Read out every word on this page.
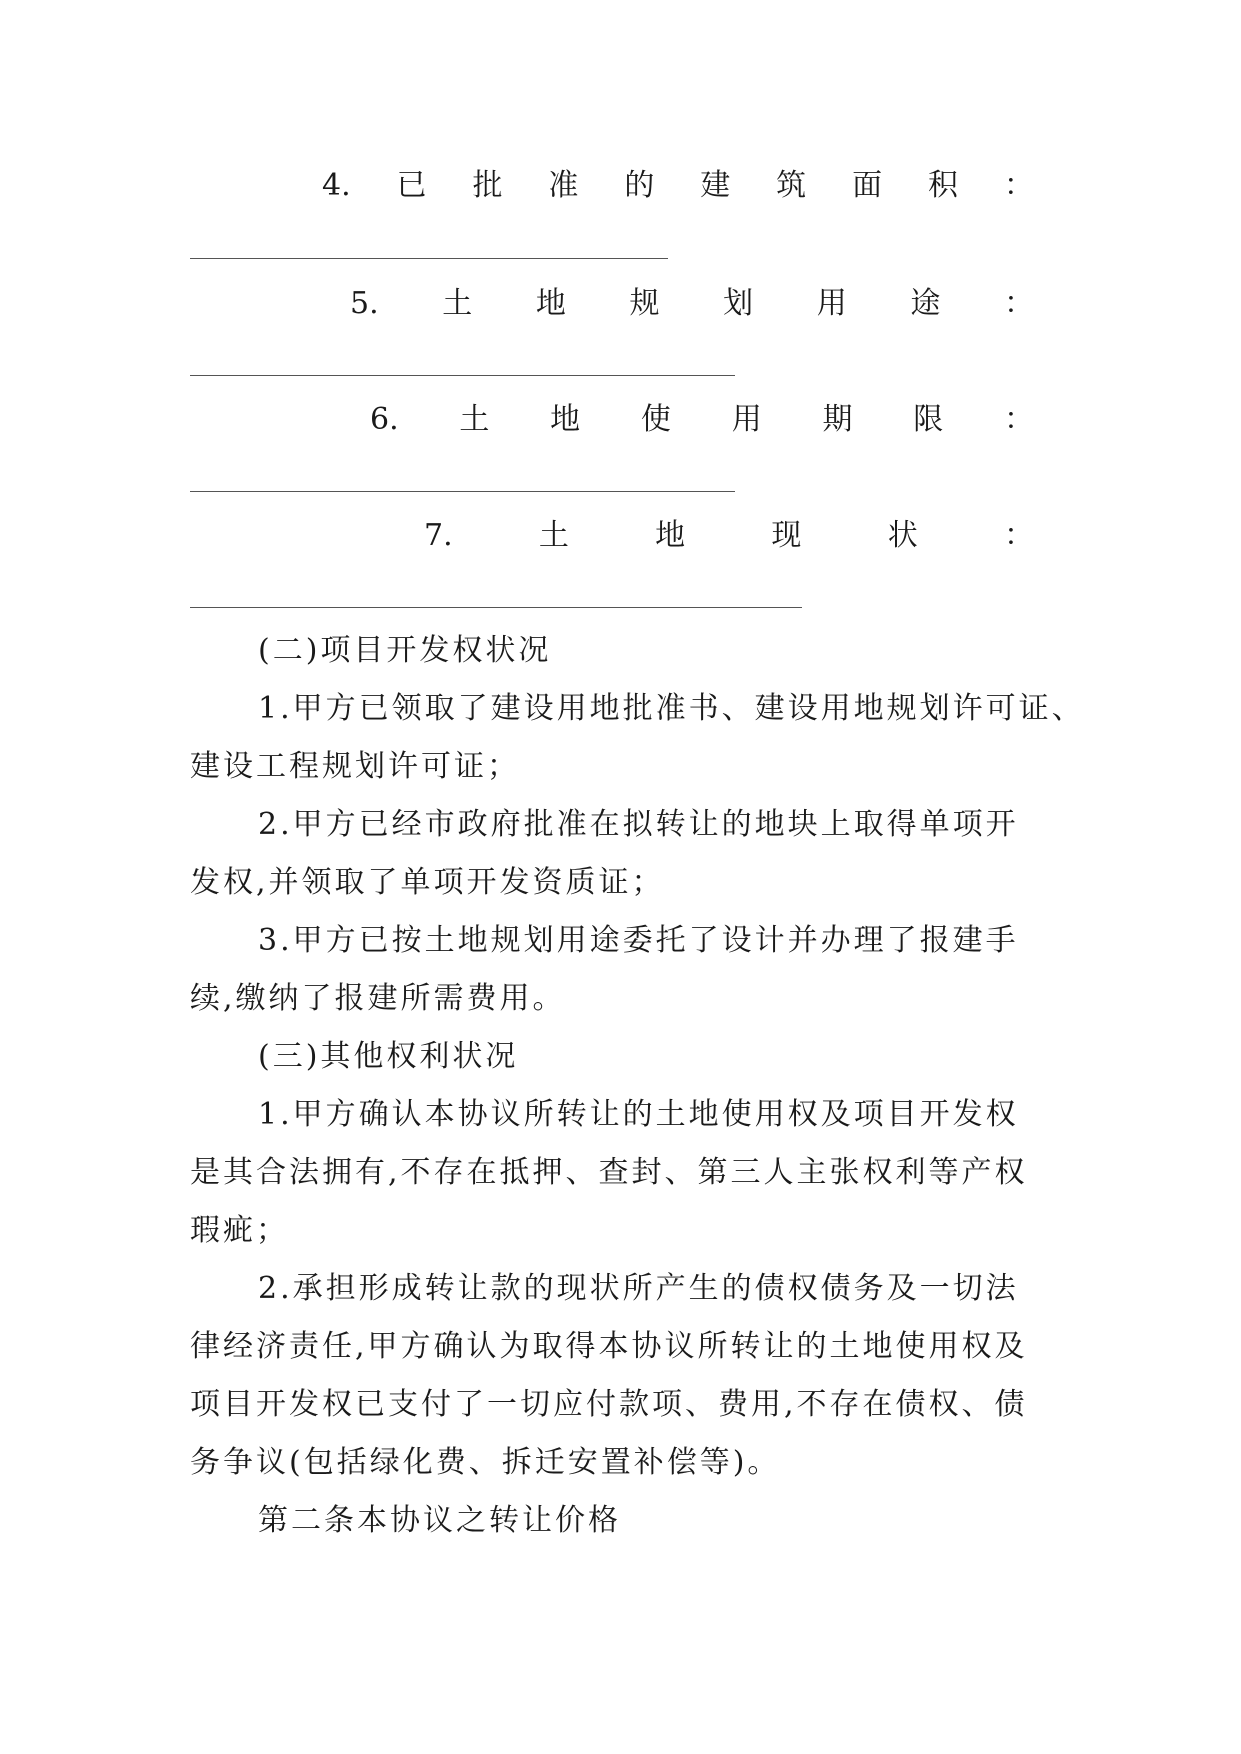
4. 已 批 准 的 建 筑 面 积 ：
5. 土 地 规 划 用 途 ：
6. 土 地 使 用 期 限 ：
7.	土	地	现	状	：
(二)项目开发权状况
1.甲方已领取了建设用地批准书、建设用地规划许可证、
建设工程规划许可证；
2.甲方已经市政府批准在拟转让的地块上取得单项开
发权,并领取了单项开发资质证；
3.甲方已按土地规划用途委托了设计并办理了报建手
续,缴纳了报建所需费用。
(三)其他权利状况
1.甲方确认本协议所转让的土地使用权及项目开发权
是其合法拥有,不存在抵押、查封、第三人主张权利等产权
瑕疵；
2.承担形成转让款的现状所产生的债权债务及一切法
律经济责任,甲方确认为取得本协议所转让的土地使用权及
项目开发权已支付了一切应付款项、费用,不存在债权、债
务争议(包括绿化费、拆迁安置补偿等)。
第二条本协议之转让价格
